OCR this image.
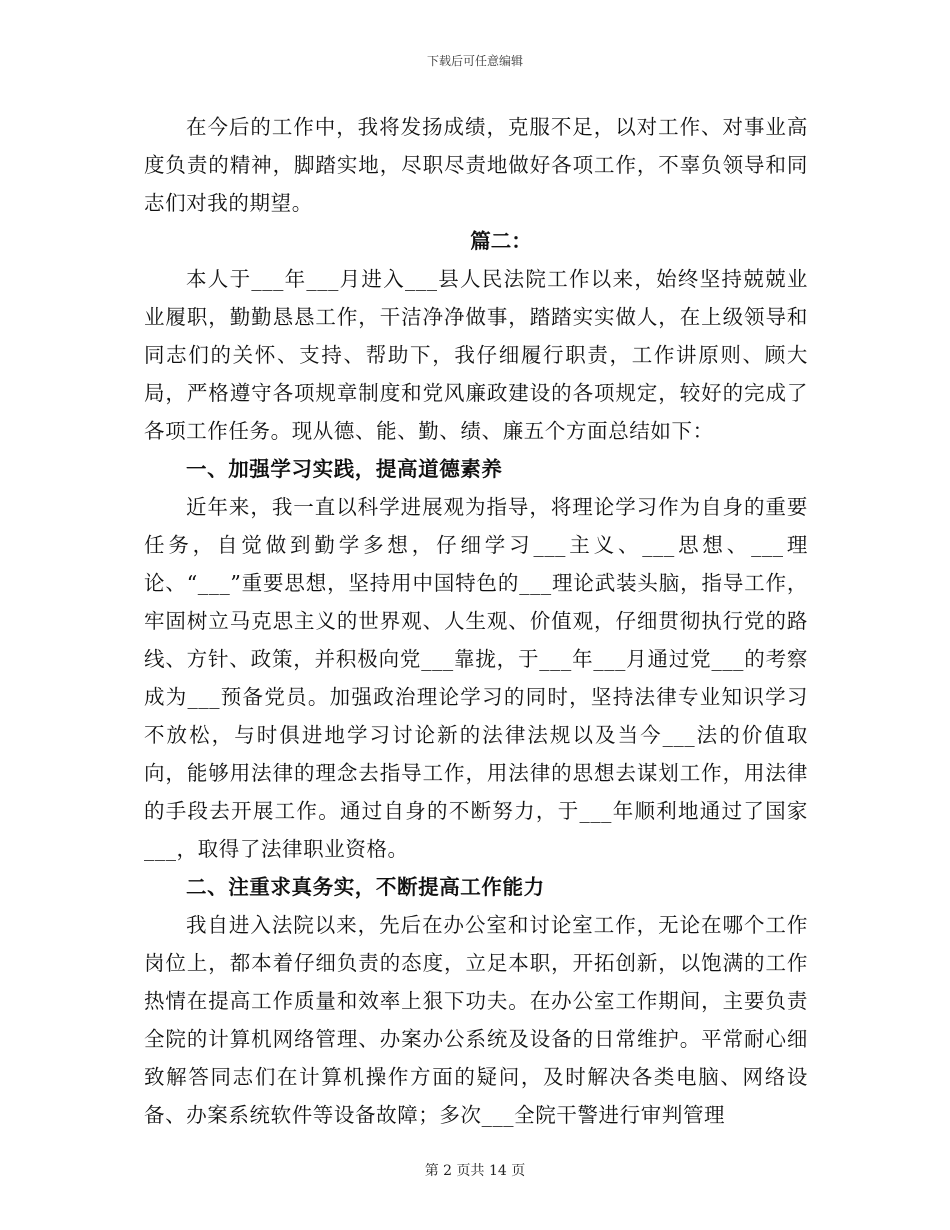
下载后可任意编辑

在今后的工作中，我将发扬成绩，克服不足，以对工作、对事业高度负责的精神，脚踏实地，尽职尽责地做好各项工作，不辜负领导和同志们对我的期望。

篇二：

本人于___年___月进入___县人民法院工作以来，始终坚持兢兢业业履职，勤勤恳恳工作，干洁净净做事，踏踏实实做人，在上级领导和同志们的关怀、支持、帮助下，我仔细履行职责，工作讲原则、顾大局，严格遵守各项规章制度和党风廉政建设的各项规定，较好的完成了各项工作任务。现从德、能、勤、绩、廉五个方面总结如下：

一、加强学习实践，提高道德素养

近年来，我一直以科学进展观为指导，将理论学习作为自身的重要任务，自觉做到勤学多想，仔细学习___主义、___思想、___理论、“___”重要思想，坚持用中国特色的___理论武装头脑，指导工作，牢固树立马克思主义的世界观、人生观、价值观，仔细贯彻执行党的路线、方针、政策，并积极向党___靠拢，于___年___月通过党___的考察成为___预备党员。加强政治理论学习的同时，坚持法律专业知识学习不放松，与时俱进地学习讨论新的法律法规以及当今___法的价值取向，能够用法律的理念去指导工作，用法律的思想去谋划工作，用法律的手段去开展工作。通过自身的不断努力，于___年顺利地通过了国家___，取得了法律职业资格。

二、注重求真务实，不断提高工作能力

我自进入法院以来，先后在办公室和讨论室工作，无论在哪个工作岗位上，都本着仔细负责的态度，立足本职，开拓创新，以饱满的工作热情在提高工作质量和效率上狠下功夫。在办公室工作期间，主要负责全院的计算机网络管理、办案办公系统及设备的日常维护。平常耐心细致解答同志们在计算机操作方面的疑问，及时解决各类电脑、网络设备、办案系统软件等设备故障；多次___全院干警进行审判管理

第 2 页共 14 页
